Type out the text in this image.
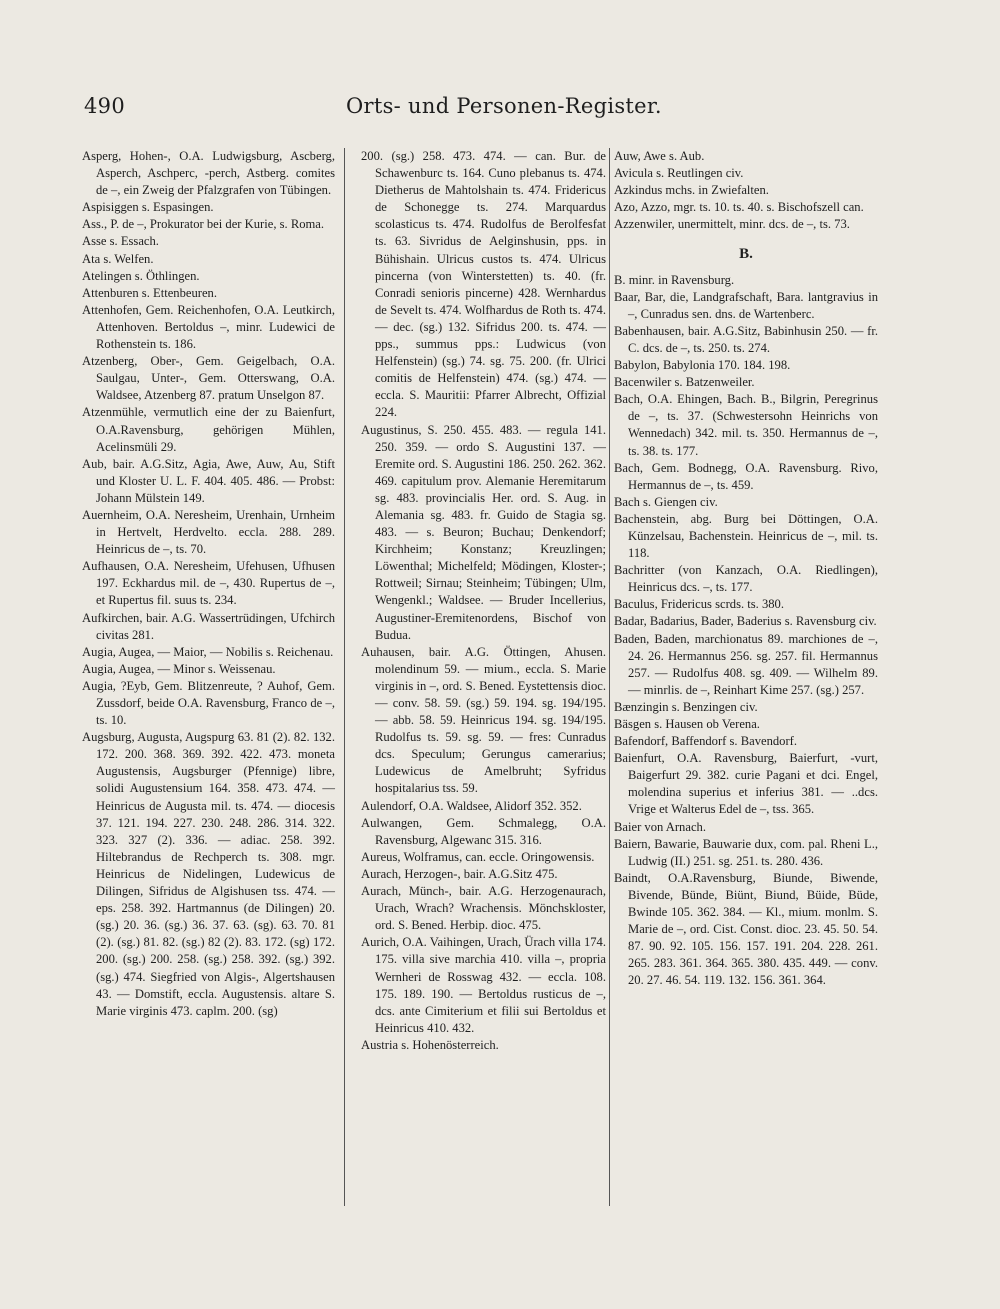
490	Orts- und Personen-Register.

Asperg, Hohen-, O.A. Ludwigsburg, Ascberg, Asperch, Aschperc, -perch, Astberg. comites de –, ein Zweig der Pfalzgrafen von Tübingen.

Aspisiggen s. Espasingen.

Ass., P. de –, Prokurator bei der Kurie, s. Roma.

Asse s. Essach.

Ata s. Welfen.

Atelingen s. Öthlingen.

Attenburen s. Ettenbeuren.

Attenhofen, Gem. Reichenhofen, O.A. Leutkirch, Attenhoven. Bertoldus –, minr. Ludewici de Rothenstein ts. 186.

Atzenberg, Ober-, Gem. Geigelbach, O.A. Saulgau, Unter-, Gem. Otterswang, O.A. Waldsee, Atzenberg 87. pratum Unselgon 87.

Atzenmühle, vermutlich eine der zu Baienfurt, O.A.Ravensburg, gehörigen Mühlen, Acelinsmüli 29.

Aub, bair. A.G.Sitz, Agia, Awe, Auw, Au, Stift und Kloster U. L. F. 404. 405. 486. — Probst: Johann Mülstein 149.

Auernheim, O.A. Neresheim, Urenhain, Urnheim in Hertvelt, Herdvelto. eccla. 288. 289. Heinricus de –, ts. 70.

Aufhausen, O.A. Neresheim, Ufehusen, Ufhusen 197. Eckhardus mil. de –, 430. Rupertus de –, et Rupertus fil. suus ts. 234.

Aufkirchen, bair. A.G. Wassertrüdingen, Ufchirch civitas 281.

Augia, Augea, — Maior, — Nobilis s. Reichenau.

Augia, Augea, — Minor s. Weissenau.

Augia, ?Eyb, Gem. Blitzenreute, ? Auhof, Gem. Zussdorf, beide O.A. Ravensburg, Franco de –, ts. 10.

Augsburg, Augusta, Augspurg 63. 81 (2). 82. 132. 172. 200. 368. 369. 392. 422. 473. moneta Augustensis, Augsburger (Pfennige) libre, solidi Augustensium 164. 358. 473. 474. — Heinricus de Augusta mil. ts. 474. — diocesis 37. 121. 194. 227. 230. 248. 286. 314. 322. 323. 327 (2). 336. — adiac. 258. 392. Hiltebrandus de Rechperch ts. 308. mgr. Heinricus de Nidelingen, Ludewicus de Dilingen, Sifridus de Algishusen tss. 474. — eps. 258. 392. Hartmannus (de Dilingen) 20. (sg.) 20. 36. (sg.) 36. 37. 63. (sg). 63. 70. 81 (2). (sg.) 81. 82. (sg.) 82 (2). 83. 172. (sg) 172. 200. (sg.) 200. 258. (sg.) 258. 392. (sg.) 392. (sg.) 474. Siegfried von Algis-, Algertshausen 43. — Domstift, eccla. Augustensis. altare S. Marie virginis 473. caplm. 200. (sg)

200. (sg.) 258. 473. 474. — can. Bur. de Schawenburc ts. 164. Cuno plebanus ts. 474. Dietherus de Mahtolshain ts. 474. Fridericus de Schonegge ts. 274. Marquardus scolasticus ts. 474. Rudolfus de Berolfesfat ts. 63. Sivridus de Aelginshusin, pps. in Bühishain. Ulricus custos ts. 474. Ulricus pincerna (von Winterstetten) ts. 40. (fr. Conradi senioris pincerne) 428. Wernhardus de Sevelt ts. 474. Wolfhardus de Roth ts. 474. — dec. (sg.) 132. Sifridus 200. ts. 474. — pps., summus pps.: Ludwicus (von Helfenstein) (sg.) 74. sg. 75. 200. (fr. Ulrici comitis de Helfenstein) 474. (sg.) 474. — eccla. S. Mauritii: Pfarrer Albrecht, Offizial 224.

Augustinus, S. 250. 455. 483. — regula 141. 250. 359. — ordo S. Augustini 137. — Eremite ord. S. Augustini 186. 250. 262. 362. 469. capitulum prov. Alemanie Heremitarum sg. 483. provincialis Her. ord. S. Aug. in Alemania sg. 483. fr. Guido de Stagia sg. 483. — s. Beuron; Buchau; Denkendorf; Kirchheim; Konstanz; Kreuzlingen; Löwenthal; Michelfeld; Mödingen, Kloster-; Rottweil; Sirnau; Steinheim; Tübingen; Ulm, Wengenkl.; Waldsee. — Bruder Incellerius, Augustiner-Eremitenordens, Bischof von Budua.

Auhausen, bair. A.G. Öttingen, Ahusen. molendinum 59. — mium., eccla. S. Marie virginis in –, ord. S. Bened. Eystettensis dioc. — conv. 58. 59. (sg.) 59. 194. sg. 194/195. — abb. 58. 59. Heinricus 194. sg. 194/195. Rudolfus ts. 59. sg. 59. — fres: Cunradus dcs. Speculum; Gerungus camerarius; Ludewicus de Amelbruht; Syfridus hospitalarius tss. 59.

Aulendorf, O.A. Waldsee, Alidorf 352. 352.

Aulwangen, Gem. Schmalegg, O.A. Ravensburg, Algewanc 315. 316.

Aureus, Wolframus, can. eccle. Oringowensis.

Aurach, Herzogen-, bair. A.G.Sitz 475.

Aurach, Münch-, bair. A.G. Herzogenaurach, Urach, Wrach? Wrachensis. Mönchskloster, ord. S. Bened. Herbip. dioc. 475.

Aurich, O.A. Vaihingen, Urach, Ürach villa 174. 175. villa sive marchia 410. villa –, propria Wernheri de Rosswag 432. — eccla. 108. 175. 189. 190. — Bertoldus rusticus de –, dcs. ante Cimiterium et filii sui Bertoldus et Heinricus 410. 432.

Austria s. Hohenösterreich.

Auw, Awe s. Aub.

Avicula s. Reutlingen civ.

Azkindus mchs. in Zwiefalten.

Azo, Azzo, mgr. ts. 10. ts. 40. s. Bischofszell can.

Azzenwiler, unermittelt, minr. dcs. de –, ts. 73.

B.

B. minr. in Ravensburg.

Baar, Bar, die, Landgrafschaft, Bara. lantgravius in –, Cunradus sen. dns. de Wartenberc.

Babenhausen, bair. A.G.Sitz, Babinhusin 250. — fr. C. dcs. de –, ts. 250. ts. 274.

Babylon, Babylonia 170. 184. 198.

Bacenwiler s. Batzenweiler.

Bach, O.A. Ehingen, Bach. B., Bilgrin, Peregrinus de –, ts. 37. (Schwestersohn Heinrichs von Wennedach) 342. mil. ts. 350. Hermannus de –, ts. 38. ts. 177.

Bach, Gem. Bodnegg, O.A. Ravensburg. Rivo, Hermannus de –, ts. 459.

Bach s. Giengen civ.

Bachenstein, abg. Burg bei Döttingen, O.A. Künzelsau, Bachenstein. Heinricus de –, mil. ts. 118.

Bachritter (von Kanzach, O.A. Riedlingen), Heinricus dcs. –, ts. 177.

Baculus, Fridericus scrds. ts. 380.

Badar, Badarius, Bader, Baderius s. Ravensburg civ.

Baden, Baden, marchionatus 89. marchiones de –, 24. 26. Hermannus 256. sg. 257. fil. Hermannus 257. — Rudolfus 408. sg. 409. — Wilhelm 89. — minrlis. de –, Reinhart Kime 257. (sg.) 257.

Bænzingin s. Benzingen civ.

Bäsgen s. Hausen ob Verena.

Bafendorf, Baffendorf s. Bavendorf.

Baienfurt, O.A. Ravensburg, Baierfurt, -vurt, Baigerfurt 29. 382. curie Pagani et dci. Engel, molendina superius et inferius 381. — ..dcs. Vrige et Walterus Edel de –, tss. 365.

Baier von Arnach.

Baiern, Bawarie, Bauwarie dux, com. pal. Rheni L., Ludwig (II.) 251. sg. 251. ts. 280. 436.

Baindt, O.A.Ravensburg, Biunde, Biwende, Bivende, Bünde, Biünt, Biund, Büide, Büde, Bwinde 105. 362. 384. — Kl., mium. monlm. S. Marie de –, ord. Cist. Const. dioc. 23. 45. 50. 54. 87. 90. 92. 105. 156. 157. 191. 204. 228. 261. 265. 283. 361. 364. 365. 380. 435. 449. — conv. 20. 27. 46. 54. 119. 132. 156. 361. 364.
